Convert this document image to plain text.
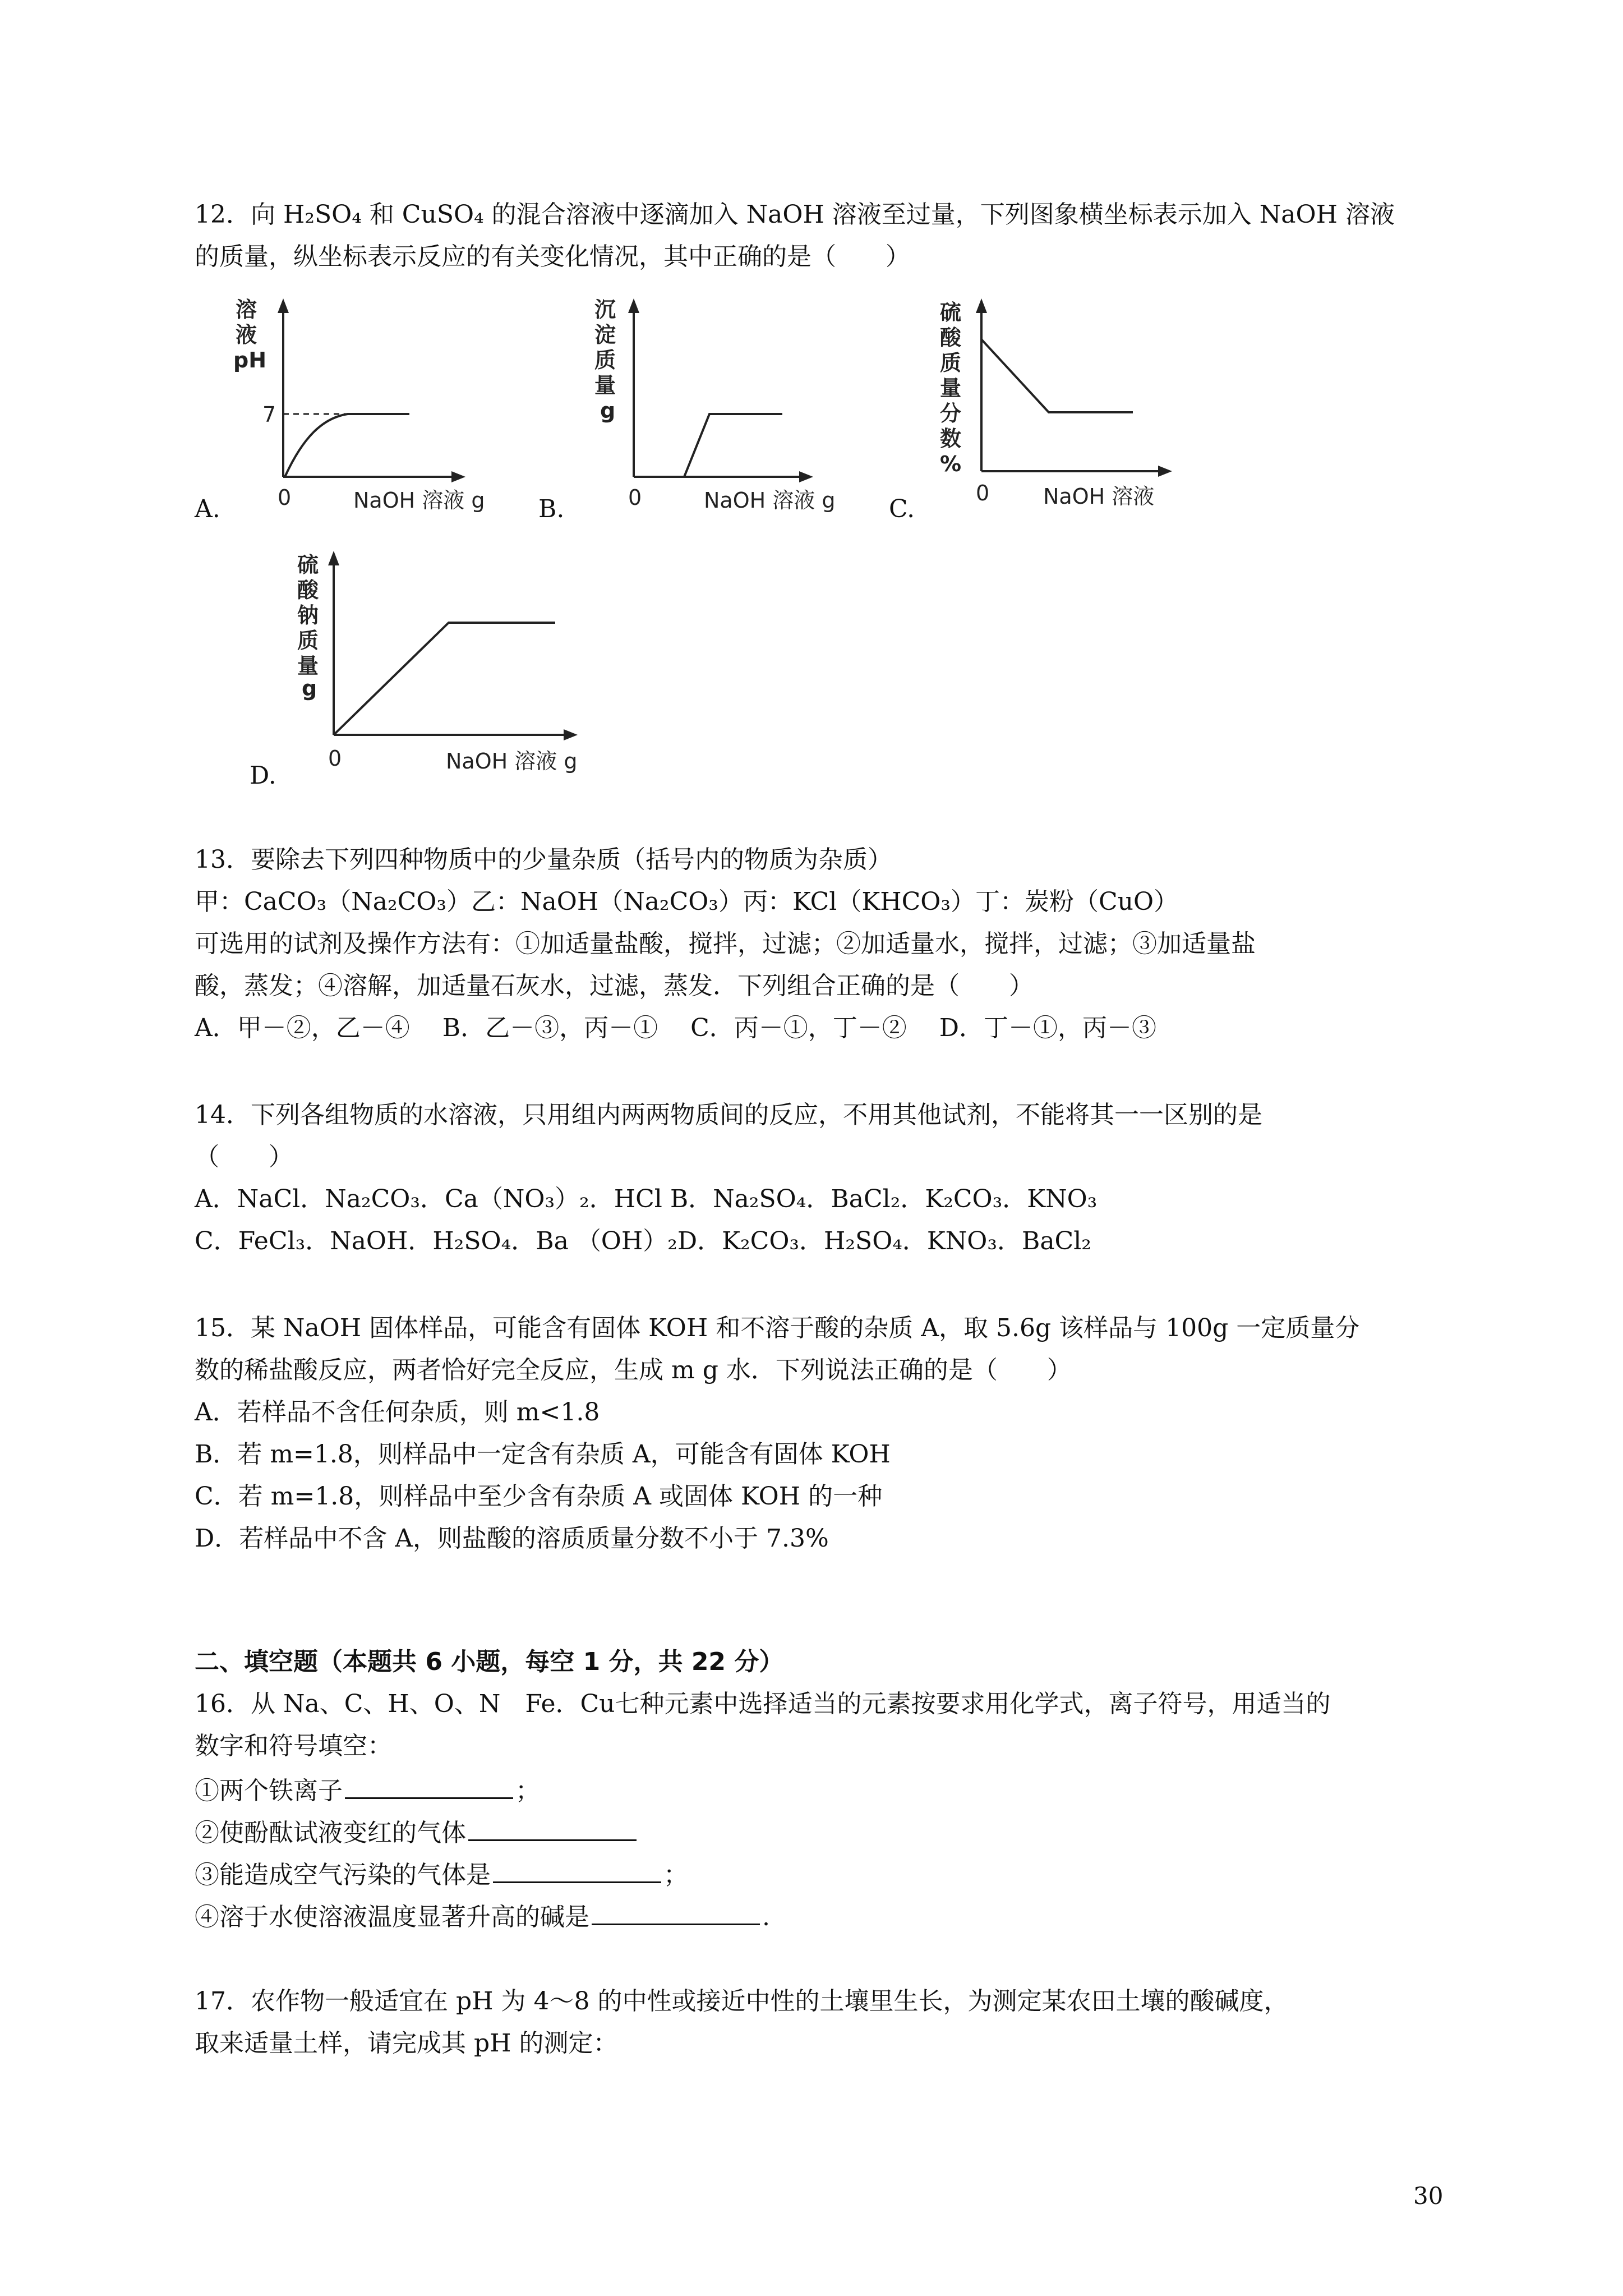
12．向 H₂SO₄ 和 CuSO₄ 的混合溶液中逐滴加入 NaOH 溶液至过量，下列图象横坐标表示加入 NaOH 溶液
的质量，纵坐标表示反应的有关变化情况，其中正确的是（　　）
A.
溶
液
pH
7
0	NaOH 溶液 g B.
沉
淀
质
量
g
0	NaOH 溶液 g C.
硫
酸
质
量
分
数
%
0	NaOH 溶液
D.
硫
酸
钠
质
量
g
0	NaOH 溶液 g
13．要除去下列四种物质中的少量杂质（括号内的物质为杂质）
甲：CaCO₃（Na₂CO₃）乙：NaOH（Na₂CO₃）丙：KCl（KHCO₃）丁：炭粉（CuO）
可选用的试剂及操作方法有：①加适量盐酸，搅拌，过滤；②加适量水，搅拌，过滤；③加适量盐
酸，蒸发；④溶解，加适量石灰水，过滤，蒸发．下列组合正确的是（　　）
A．甲－②，乙－④　 B．乙－③，丙－①　 C．丙－①，丁－②　 D．丁－①，丙－③
14．下列各组物质的水溶液，只用组内两两物质间的反应，不用其他试剂，不能将其一一区别的是
（　　）
A．NaCl．Na₂CO₃．Ca（NO₃）₂．HCl B．Na₂SO₄．BaCl₂．K₂CO₃．KNO₃
C．FeCl₃．NaOH．H₂SO₄．Ba （OH）₂D．K₂CO₃．H₂SO₄．KNO₃．BaCl₂
15．某 NaOH 固体样品，可能含有固体 KOH 和不溶于酸的杂质 A，取 5.6g 该样品与 100g 一定质量分
数的稀盐酸反应，两者恰好完全反应，生成 m g 水．下列说法正确的是（　　）
A．若样品不含任何杂质，则 m<1.8
B．若 m=1.8，则样品中一定含有杂质 A，可能含有固体 KOH
C．若 m=1.8，则样品中至少含有杂质 A 或固体 KOH 的一种
D．若样品中不含 A，则盐酸的溶质质量分数不小于 7.3%
二、填空题（本题共 6 小题，每空 1 分，共 22 分）
16．从 Na、C、H、O、N　Fe．Cu七种元素中选择适当的元素按要求用化学式，离子符号，用适当的
数字和符号填空：
①两个铁离子	；
②使酚酞试液变红的气体
③能造成空气污染的气体是	；
④溶于水使溶液温度显著升高的碱是	.
17．农作物一般适宜在 pH 为 4～8 的中性或接近中性的土壤里生长，为测定某农田土壤的酸碱度，
取来适量土样，请完成其 pH 的测定：
30
